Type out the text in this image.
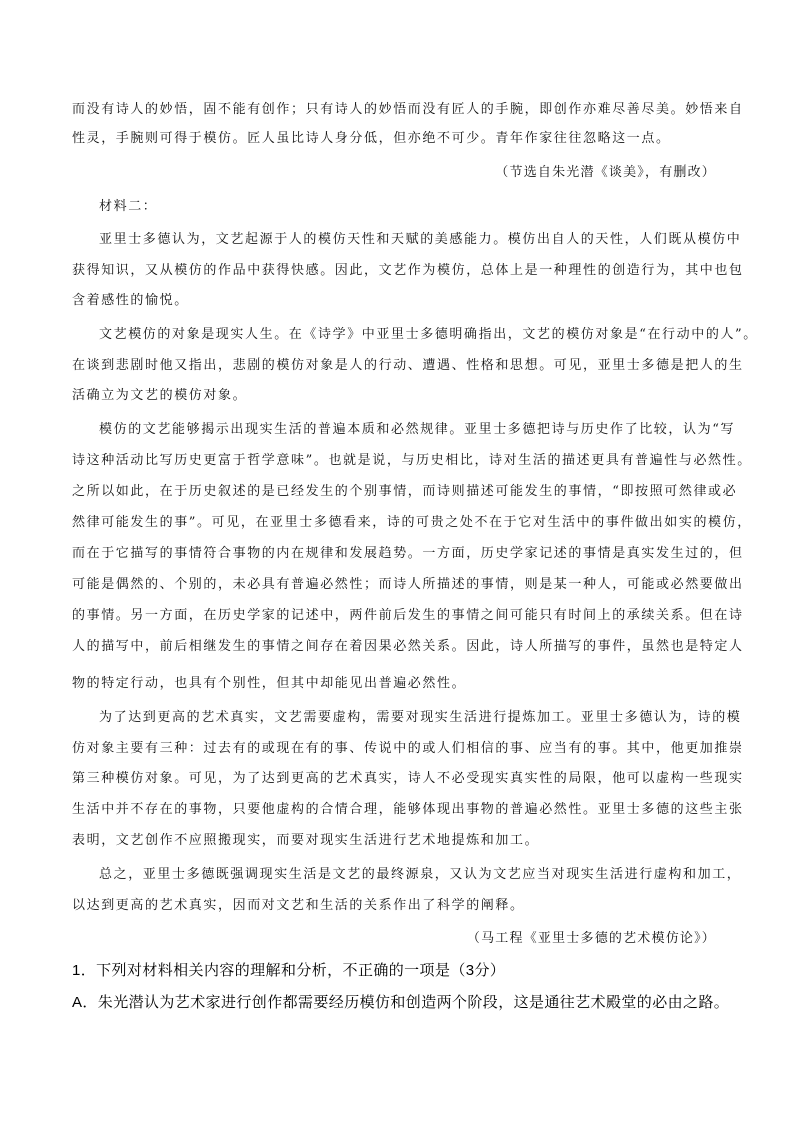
而没有诗人的妙悟，固不能有创作；只有诗人的妙悟而没有匠人的手腕，即创作亦难尽善尽美。妙悟来自
性灵，手腕则可得于模仿。匠人虽比诗人身分低，但亦绝不可少。青年作家往往忽略这一点。
（节选自朱光潜《谈美》，有删改）
材料二：
亚里士多德认为，文艺起源于人的模仿天性和天赋的美感能力。模仿出自人的天性，人们既从模仿中
获得知识，又从模仿的作品中获得快感。因此，文艺作为模仿，总体上是一种理性的创造行为，其中也包
含着感性的愉悦。
文艺模仿的对象是现实人生。在《诗学》中亚里士多德明确指出，文艺的模仿对象是“在行动中的人”。
在谈到悲剧时他又指出，悲剧的模仿对象是人的行动、遭遇、性格和思想。可见，亚里士多德是把人的生
活确立为文艺的模仿对象。
模仿的文艺能够揭示出现实生活的普遍本质和必然规律。亚里士多德把诗与历史作了比较，认为“写
诗这种活动比写历史更富于哲学意味”。也就是说，与历史相比，诗对生活的描述更具有普遍性与必然性。
之所以如此，在于历史叙述的是已经发生的个别事情，而诗则描述可能发生的事情，“即按照可然律或必
然律可能发生的事”。可见，在亚里士多德看来，诗的可贵之处不在于它对生活中的事件做出如实的模仿，
而在于它描写的事情符合事物的内在规律和发展趋势。一方面，历史学家记述的事情是真实发生过的，但
可能是偶然的、个别的，未必具有普遍必然性；而诗人所描述的事情，则是某一种人，可能或必然要做出
的事情。另一方面，在历史学家的记述中，两件前后发生的事情之间可能只有时间上的承续关系。但在诗
人的描写中，前后相继发生的事情之间存在着因果必然关系。因此，诗人所描写的事件，虽然也是特定人
物的特定行动，也具有个别性，但其中却能见出普遍必然性。
为了达到更高的艺术真实，文艺需要虚构，需要对现实生活进行提炼加工。亚里士多德认为，诗的模
仿对象主要有三种：过去有的或现在有的事、传说中的或人们相信的事、应当有的事。其中，他更加推崇
第三种模仿对象。可见，为了达到更高的艺术真实，诗人不必受现实真实性的局限，他可以虚构一些现实
生活中并不存在的事物，只要他虚构的合情合理，能够体现出事物的普遍必然性。亚里士多德的这些主张
表明，文艺创作不应照搬现实，而要对现实生活进行艺术地提炼和加工。
总之，亚里士多德既强调现实生活是文艺的最终源泉，又认为文艺应当对现实生活进行虚构和加工，
以达到更高的艺术真实，因而对文艺和生活的关系作出了科学的阐释。
（马工程《亚里士多德的艺术模仿论》）
1．下列对材料相关内容的理解和分析，不正确的一项是（3分）
A．朱光潜认为艺术家进行创作都需要经历模仿和创造两个阶段，这是通往艺术殿堂的必由之路。
